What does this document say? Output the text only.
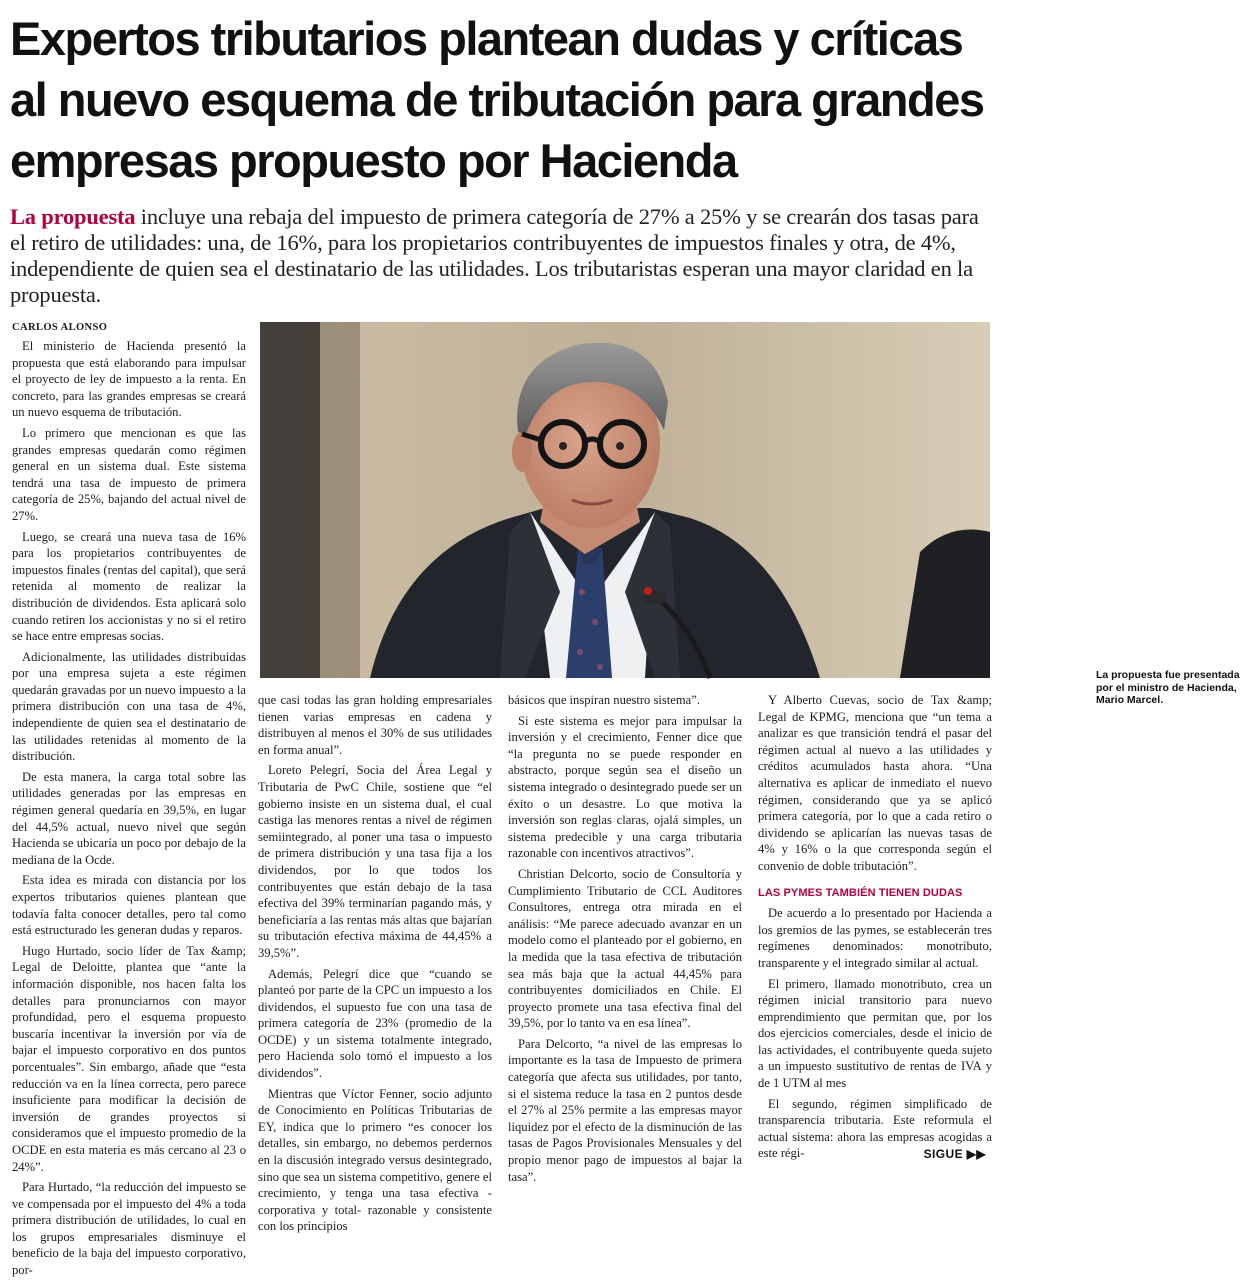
Expertos tributarios plantean dudas y críticas al nuevo esquema de tributación para grandes empresas propuesto por Hacienda

La propuesta incluye una rebaja del impuesto de primera categoría de 27% a 25% y se crearán dos tasas para el retiro de utilidades: una, de 16%, para los propietarios contribuyentes de impuestos finales y otra, de 4%, independiente de quien sea el destinatario de las utilidades. Los tributaristas esperan una mayor claridad en la propuesta.

CARLOS ALONSO

La propuesta fue presentada por el ministro de Hacienda, Mario Marcel.

El ministerio de Hacienda presentó la propuesta que está elaborando para impulsar el proyecto de ley de impuesto a la renta. En concreto, para las grandes empresas se creará un nuevo esquema de tributación.

Lo primero que mencionan es que las grandes empresas quedarán como régimen general en un sistema dual. Este sistema tendrá una tasa de impuesto de primera categoría de 25%, bajando del actual nivel de 27%.

Luego, se creará una nueva tasa de 16% para los propietarios contribuyentes de impuestos finales (rentas del capital), que será retenida al momento de realizar la distribución de dividendos. Esta aplicará solo cuando retiren los accionistas y no si el retiro se hace entre empresas socias.

Adicionalmente, las utilidades distribuidas por una empresa sujeta a este régimen quedarán gravadas por un nuevo impuesto a la primera distribución con una tasa de 4%, independiente de quien sea el destinatario de las utilidades retenidas al momento de la distribución.

De esta manera, la carga total sobre las utilidades generadas por las empresas en régimen general quedaría en 39,5%, en lugar del 44,5% actual, nuevo nivel que según Hacienda se ubicaría un poco por debajo de la mediana de la Ocde.

Esta idea es mirada con distancia por los expertos tributarios quienes plantean que todavía falta conocer detalles, pero tal como está estructurado les generan dudas y reparos.

Hugo Hurtado, socio líder de Tax &amp; Legal de Deloitte, plantea que “ante la información disponible, nos hacen falta los detalles para pronunciarnos con mayor profundidad, pero el esquema propuesto buscaría incentivar la inversión por vía de bajar el impuesto corporativo en dos puntos porcentuales”. Sin embargo, añade que “esta reducción va en la línea correcta, pero parece insuficiente para modificar la decisión de inversión de grandes proyectos si consideramos que el impuesto promedio de la OCDE en esta materia es más cercano al 23 o 24%”.

Para Hurtado, “la reducción del impuesto se ve compensada por el impuesto del 4% a toda primera distribución de utilidades, lo cual en los grupos empresariales disminuye el beneficio de la baja del impuesto corporativo, por-

que casi todas las gran holding empresariales tienen varias empresas en cadena y distribuyen al menos el 30% de sus utilidades en forma anual”.

Loreto Pelegrí, Socia del Área Legal y Tributaria de PwC Chile, sostiene que “el gobierno insiste en un sistema dual, el cual castiga las menores rentas a nivel de régimen semiintegrado, al poner una tasa o impuesto de primera distribución y una tasa fija a los dividendos, por lo que todos los contribuyentes que están debajo de la tasa efectiva del 39% terminarían pagando más, y beneficiaría a las rentas más altas que bajarían su tributación efectiva máxima de 44,45% a 39,5%”.

Además, Pelegrí dice que “cuando se planteó por parte de la CPC un impuesto a los dividendos, el supuesto fue con una tasa de primera categoría de 23% (promedio de la OCDE) y un sistema totalmente integrado, pero Hacienda solo tomó el impuesto a los dividendos”.

Mientras que Víctor Fenner, socio adjunto de Conocimiento en Políticas Tributarias de EY, indica que lo primero “es conocer los detalles, sin embargo, no debemos perdernos en la discusión integrado versus desintegrado, sino que sea un sistema competitivo, genere el crecimiento, y tenga una tasa efectiva -corporativa y total- razonable y consistente con los principios

básicos que inspiran nuestro sistema”.

Si este sistema es mejor para impulsar la inversión y el crecimiento, Fenner dice que “la pregunta no se puede responder en abstracto, porque según sea el diseño un sistema integrado o desintegrado puede ser un éxito o un desastre. Lo que motiva la inversión son reglas claras, ojalá simples, un sistema predecible y una carga tributaria razonable con incentivos atractivos”.

Christian Delcorto, socio de Consultoría y Cumplimiento Tributario de CCL Auditores Consultores, entrega otra mirada en el análisis: “Me parece adecuado avanzar en un modelo como el planteado por el gobierno, en la medida que la tasa efectiva de tributación sea más baja que la actual 44,45% para contribuyentes domiciliados en Chile. El proyecto promete una tasa efectiva final del 39,5%, por lo tanto va en esa línea”.

Para Delcorto, “a nivel de las empresas lo importante es la tasa de Impuesto de primera categoría que afecta sus utilidades, por tanto, si el sistema reduce la tasa en 2 puntos desde el 27% al 25% permite a las empresas mayor liquidez por el efecto de la disminución de las tasas de Pagos Provisionales Mensuales y del propio menor pago de impuestos al bajar la tasa”.

Y Alberto Cuevas, socio de Tax &amp; Legal de KPMG, menciona que “un tema a analizar es que transición tendrá el pasar del régimen actual al nuevo a las utilidades y créditos acumulados hasta ahora. “Una alternativa es aplicar de inmediato el nuevo régimen, considerando que ya se aplicó primera categoría, por lo que a cada retiro o dividendo se aplicarían las nuevas tasas de 4% y 16% o la que corresponda según el convenio de doble tributación”.

LAS PYMES TAMBIÉN TIENEN DUDAS

De acuerdo a lo presentado por Hacienda a los gremios de las pymes, se establecerán tres regímenes denominados: monotributo, transparente y el integrado similar al actual.

El primero, llamado monotributo, crea un régimen inicial transitorio para nuevo emprendimiento que permitan que, por los dos ejercicios comerciales, desde el inicio de las actividades, el contribuyente queda sujeto a un impuesto sustitutivo de rentas de IVA y de 1 UTM al mes

El segundo, régimen simplificado de transparencia tributaria. Este reformula el actual sistema: ahora las empresas acogidas a este régi-	SIGUE ▶▶
